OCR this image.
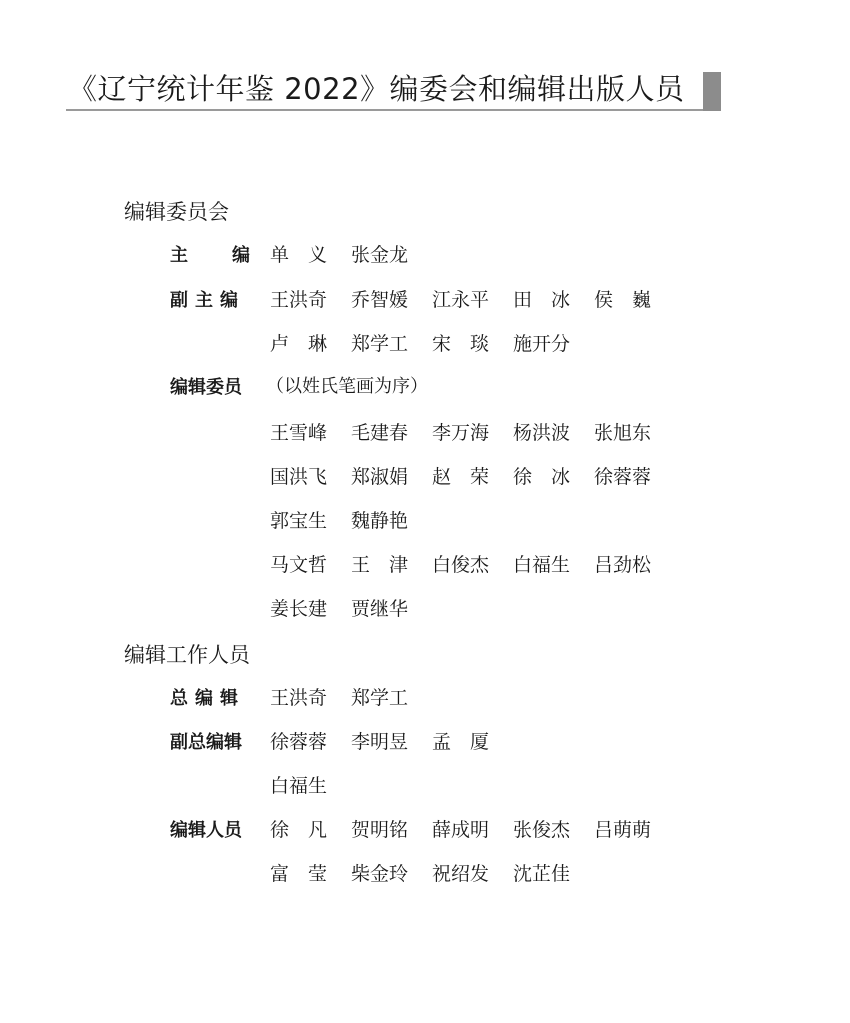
《辽宁统计年鉴 2022》编委会和编辑出版人员
编辑委员会
主　编 单　义 张金龙
副主编 王洪奇 乔智媛 江永平 田　冰 侯　巍
卢　琳 郑学工 宋　琰 施开分
编辑委员 （以姓氏笔画为序）
王雪峰 毛建春 李万海 杨洪波 张旭东
国洪飞 郑淑娟 赵　荣 徐　冰 徐蓉蓉
郭宝生 魏静艳
马文哲 王　津 白俊杰 白福生 吕劲松
姜长建 贾继华
编辑工作人员
总编辑 王洪奇 郑学工
副总编辑 徐蓉蓉 李明昱 孟　厦
白福生
编辑人员 徐　凡 贺明铭 薛成明 张俊杰 吕萌萌
富　莹 柴金玲 祝绍发 沈芷佳
